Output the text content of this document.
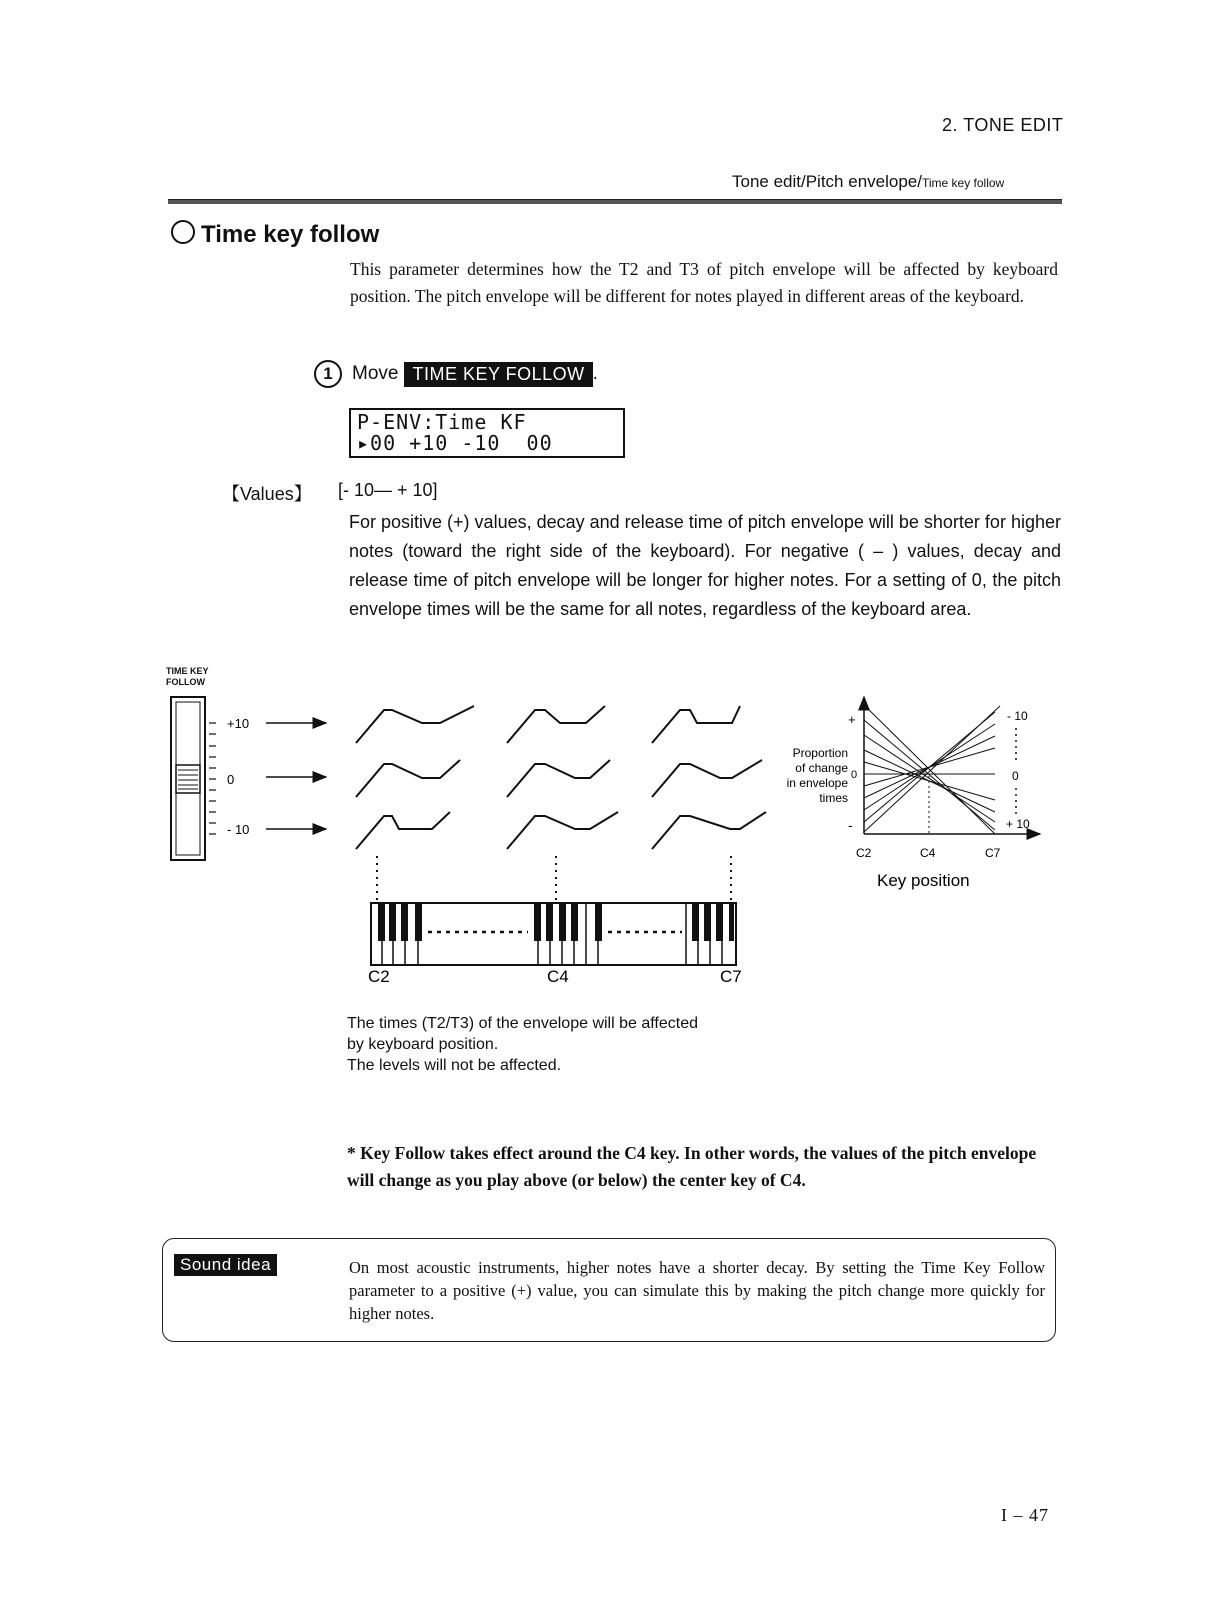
2. TONE EDIT
Tone edit/Pitch envelope/Time key follow
Time key follow
This parameter determines how the T2 and T3 of pitch envelope will be affected by keyboard position. The pitch envelope will be different for notes played in different areas of the keyboard.
1	Move TIME KEY FOLLOW .
P-ENV:Time KF
▸00 +10 -10  00
【Values】 [- 10— + 10]
For positive (+) values, decay and release time of pitch envelope will be shorter for higher notes (toward the right side of the keyboard). For negative ( – ) values, decay and release time of pitch envelope will be longer for higher notes. For a setting of 0, the pitch envelope times will be the same for all notes, regardless of the keyboard area.
TIME KEY
FOLLOW
+10
0
- 10
C2	C4	C7
+
-
Proportion
of change
in envelope
times
0
- 10
0
+ 10
C2	C4	C7
Key position
The times (T2/T3) of the envelope will be affected
by keyboard position.
The levels will not be affected.
* Key Follow takes effect around the C4 key. In other words, the values of the pitch envelope will change as you play above (or below) the center key of C4.
Sound idea	On most acoustic instruments, higher notes have a shorter decay. By setting the Time Key Follow parameter to a positive (+) value, you can simulate this by making the pitch change more quickly for higher notes.
I – 47
